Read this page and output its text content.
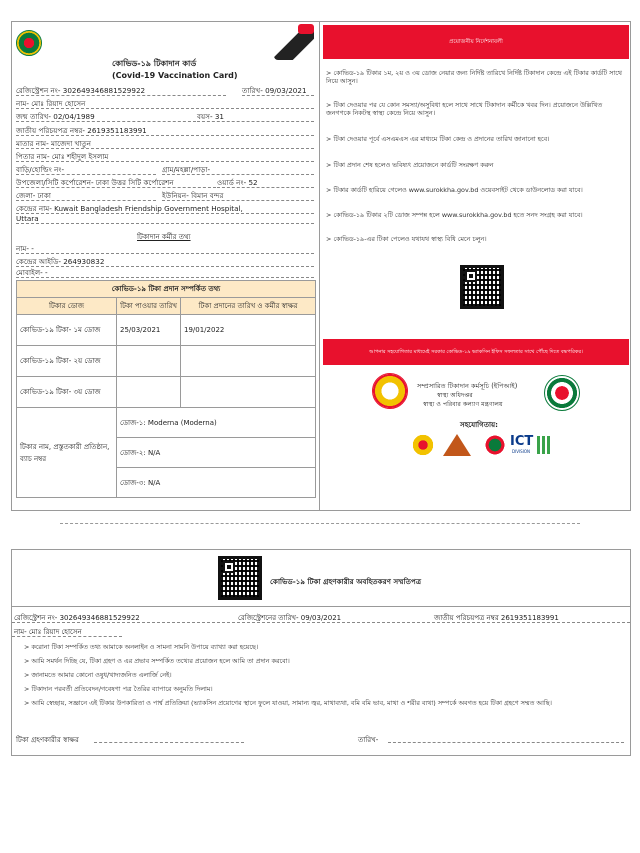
কোভিড-১৯ টিকাদান কার্ড
(Covid-19 Vaccination Card)
রেজিস্ট্রেশন নং- 302649346881529922	তারিখ- 09/03/2021
নাম- মোঃ রিয়াদ হোসেন
জন্ম তারিখ- 02/04/1989	বয়স- 31
জাতীয় পরিচয়পত্র নম্বর- 2619351183991
মাতার নাম- মাজেদা খাতুন
পিতার নাম- মোঃ শহীদুল ইসলাম
বাড়ি/হোল্ডিং নং-	গ্রাম/মহল্লা/পাড়া-
উপজেলা/সিটি কর্পোরেশন- ঢাকা উত্তর সিটি কর্পোরেশন	ওয়ার্ড নং- 52
জেলা- ঢাকা	ইউনিয়ন- বিমান বন্দর
কেন্দ্রের নাম- Kuwait Bangladesh Friendship Government Hospital,
Uttara
টিকাদান কর্মীর তথ্য
নাম- -
কেন্দ্রের আইডি- 264930832
মোবাইল- -
কোভিড-১৯ টিকা প্রদান সম্পর্কিত তথ্য		
টিকার ডোজ	টিকা পাওয়ার তারিখ	টিকা প্রদানের তারিখ ও কর্মীর স্বাক্ষর
কোভিড-১৯ টিকা- ১ম ডোজ	25/03/2021	19/01/2022
কোভিড-১৯ টিকা- ২য় ডোজ		
কোভিড-১৯ টিকা- ৩য় ডোজ		
টিকার নাম, প্রস্তুতকারী প্রতিষ্ঠান, ব্যাচ নম্বর	ডোজ-১: Moderna (Moderna)	
	ডোজ-২: N/A	
	ডোজ-৩: N/A	
প্রয়োজনীয় নির্দেশনাবলী
> কোভিড-১৯ টিকার ১ম, ২য় ও ৩য় ডোজ নেয়ার জন্য নির্দিষ্ট তারিখে নির্দিষ্ট টিকাদান কেন্দ্রে এই টিকার কার্ডটি সাথে নিয়ে আসুন।
> টিকা দেওয়ার পর যে কোন সমস্যা/অসুবিধা হলে সাথে সাথে টিকাদান কর্মীকে খবর দিন। প্রয়োজনে উল্লিখিত জনগণকে নিকটস্থ স্বাস্থ্য কেন্দ্রে নিয়ে আসুন।
> টিকা দেওয়ার পূর্বে এসএমএস এর মাধ্যমে টিকা কেন্দ্র ও প্রদানের তারিখ জানানো হবে।
> টিকা প্রদান শেষ হলেও ভবিষ্যৎ প্রয়োজনে কার্ডটি সংরক্ষণ করুন
> টিকার কার্ডটি হারিয়ে গেলেও www.surokkha.gov.bd ওয়েবসাইট থেকে ডাউনলোড করা যাবে।
> কোভিড-১৯ টিকার ২টি ডোজ সম্পন্ন হলে www.surokkha.gov.bd হতে সনদ সংগ্রহ করা যাবে।
> কোভিড-১৯-এর টিকা পেলেও যথাযথ স্বাস্থ্য বিধি মেনে চলুন।
আপনার সহযোগিতার মাধ্যমেই সরকার কোভিড-১৯ ভ্যাকসিন ইফিস সফলতার সাথে পৌঁছে দিতে বদ্ধপরিকর।
সম্প্রসারিত টিকাদান কর্মসূচি (ইপিআই)
স্বাস্থ্য অধিদপ্তর
স্বাস্থ্য ও পরিবার কল্যাণ মন্ত্রণালয়
সহযোগিতায়:
ICT
DIVISION
কোভিড-১৯ টিকা গ্রহণকারীর অবহিতকরণ সম্মতিপত্র
রেজিস্ট্রেশন নং- 302649346881529922	রেজিস্ট্রেশনের তারিখ- 09/03/2021	জাতীয় পরিচয়পত্র নম্বর 2619351183991
নাম- মোঃ রিয়াদ হোসেন
> করোনা টিকা সম্পর্কিত তথ্য আমাকে অনলাইন ও সামনা সামনি উপায়ে ব্যাখ্যা করা হয়েছে।
> আমি সমর্থন দিচ্ছি যে, টিকা গ্রহণ ও এর প্রভাব সম্পর্কিত তথ্যের প্রয়োজন হলে আমি তা প্রদান করবো।
> জানামতে আমার কোনো ওষুধ/খাদ্যজনিত এলার্জি নেই।
> টিকাদান পরবর্তী প্রতিবেদন/গবেষণা পত্র তৈরির ব্যাপারে অনুমতি দিলাম।
> আমি স্বেচ্ছায়, সজ্ঞানে এই টিকার উপকারিতা ও পার্শ্ব প্রতিক্রিয়া (ভ্যাকসিন প্রয়োগের স্থানে ফুলে যাওয়া, সামান্য জ্বর, মাথাব্যথা, বমি বমি ভাব, মাথা ও শরীর ব্যথা) সম্পর্কে অবগত হয়ে টিকা গ্রহণে সম্মত আছি।
টিকা গ্রহণকারীর স্বাক্ষর	তারিখ-
